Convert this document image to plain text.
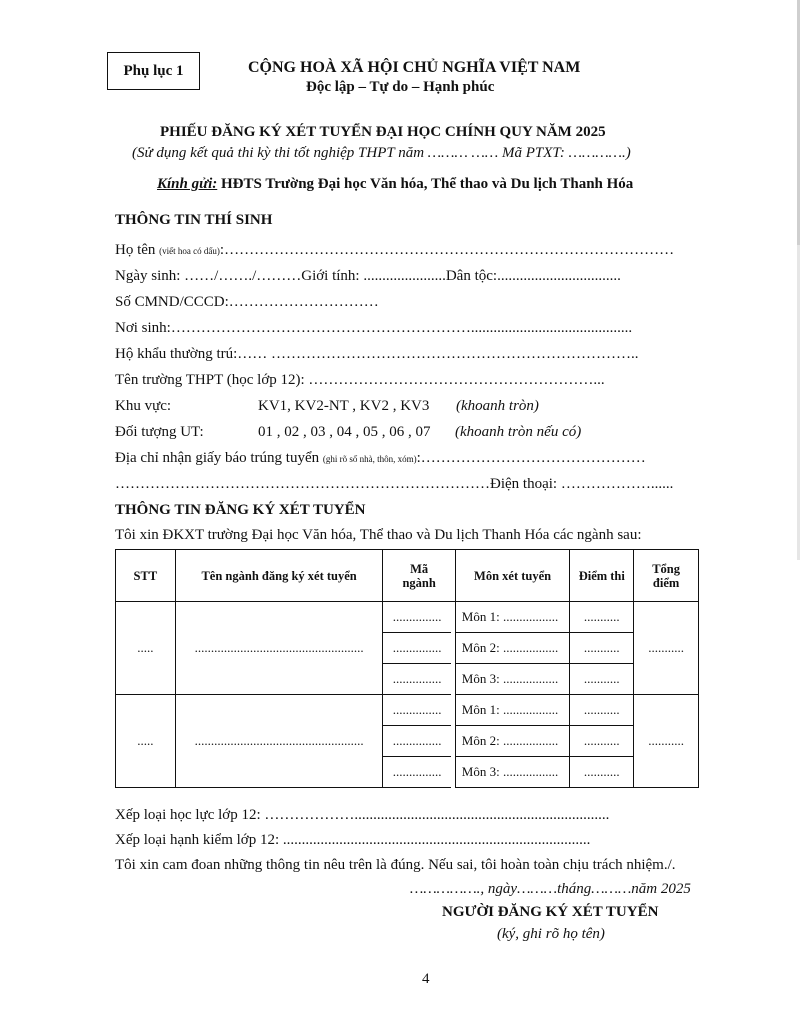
Phụ lục 1	CỘNG HOÀ XÃ HỘI CHỦ NGHĨA VIỆT NAM
Độc lập – Tự do – Hạnh phúc
PHIẾU ĐĂNG KÝ XÉT TUYỂN ĐẠI HỌC CHÍNH QUY NĂM 2025
(Sử dụng kết quả thi kỳ thi tốt nghiệp THPT năm ……… …… Mã PTXT: ………….)
Kính gửi: HĐTS Trường Đại học Văn hóa, Thể thao và Du lịch Thanh Hóa
THÔNG TIN THÍ SINH
Họ tên (viết hoa có dấu):………………………………………………………………………………
Ngày sinh: ……/……./………Giới tính: ......................Dân tộc:.................................
Số CMND/CCCD:…………………………
Nơi sinh:……………………………………………………...........................................
Hộ khẩu thường trú:…… ………………………………………………………………..
Tên trường THPT (học lớp 12): …………………………………………………...
Khu vực:	KV1, KV2-NT , KV2 , KV3 (khoanh tròn)
Đối tượng UT:	01 , 02 , 03 , 04 , 05 , 06 , 07 (khoanh tròn nếu có)
Địa chỉ nhận giấy báo trúng tuyển (ghi rõ số nhà, thôn, xóm):………………………………………
…………………………………………………………………Điện thoại: ………………......
THÔNG TIN ĐĂNG KÝ XÉT TUYỂN
Tôi xin ĐKXT trường Đại học Văn hóa, Thể thao và Du lịch Thanh Hóa các ngành sau:
STT	Tên ngành đăng ký xét tuyển	Mã
ngành		Môn xét tuyển	Điểm thi	Tổng
điểm
.....	....................................................	...............		Môn 1: .................	...........	...........
		...............		Môn 2: .................	...........	
		...............		Môn 3: .................	...........	
.....	....................................................	...............		Môn 1: .................	...........	...........
		...............		Môn 2: .................	...........	
		...............		Môn 3: .................	...........	
Xếp loại học lực lớp 12: ………………....................................................................
Xếp loại hạnh kiểm lớp 12: ..................................................................................
Tôi xin cam đoan những thông tin nêu trên là đúng. Nếu sai, tôi hoàn toàn chịu trách nhiệm./.
……………., ngày………tháng………năm 2025
NGƯỜI ĐĂNG KÝ XÉT TUYỂN
(ký, ghi rõ họ tên)
4
